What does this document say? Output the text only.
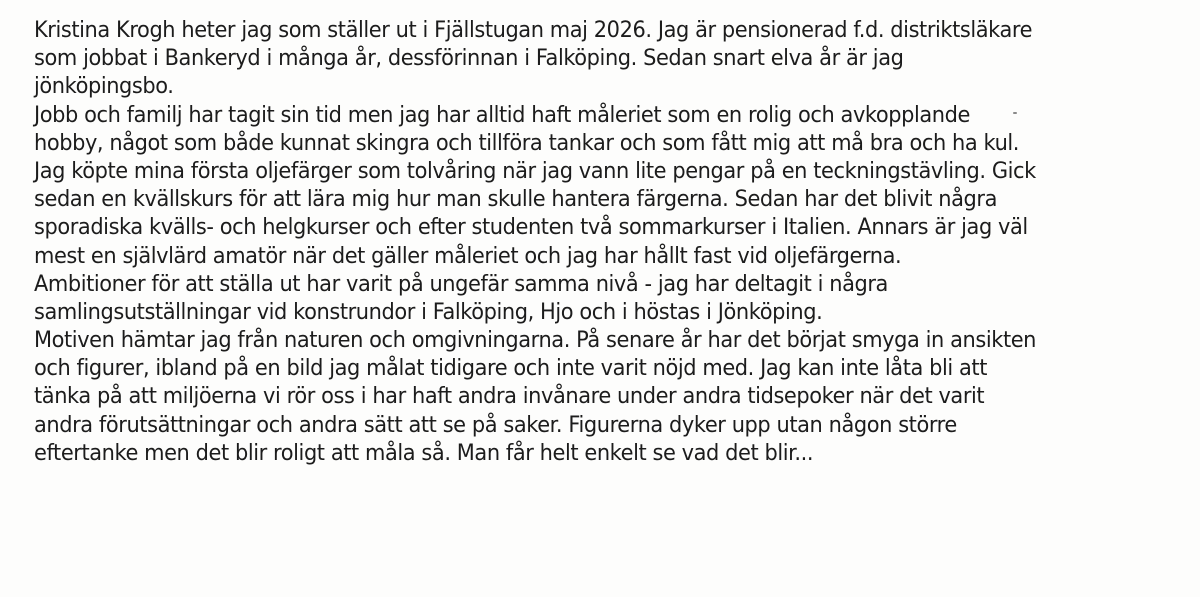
Kristina Krogh heter jag som ställer ut i Fjällstugan maj 2026. Jag är pensionerad f.d. distriktsläkare
som jobbat i Bankeryd i många år, dessförinnan i Falköping. Sedan snart elva år är jag
jönköpingsbo.
Jobb och familj har tagit sin tid men jag har alltid haft måleriet som en rolig och avkopplande
hobby, något som både kunnat skingra och tillföra tankar och som fått mig att må bra och ha kul.
Jag köpte mina första oljefärger som tolvåring när jag vann lite pengar på en teckningstävling. Gick
sedan en kvällskurs för att lära mig hur man skulle hantera färgerna. Sedan har det blivit några
sporadiska kvälls- och helgkurser och efter studenten två sommarkurser i Italien. Annars är jag väl
mest en självlärd amatör när det gäller måleriet och jag har hållt fast vid oljefärgerna.
Ambitioner för att ställa ut har varit på ungefär samma nivå - jag har deltagit i några
samlingsutställningar vid konstrundor i Falköping, Hjo och i höstas i Jönköping.
Motiven hämtar jag från naturen och omgivningarna. På senare år har det börjat smyga in ansikten
och figurer, ibland på en bild jag målat tidigare och inte varit nöjd med. Jag kan inte låta bli att
tänka på att miljöerna vi rör oss i har haft andra invånare under andra tidsepoker när det varit
andra förutsättningar och andra sätt att se på saker. Figurerna dyker upp utan någon större
eftertanke men det blir roligt att måla så. Man får helt enkelt se vad det blir...
